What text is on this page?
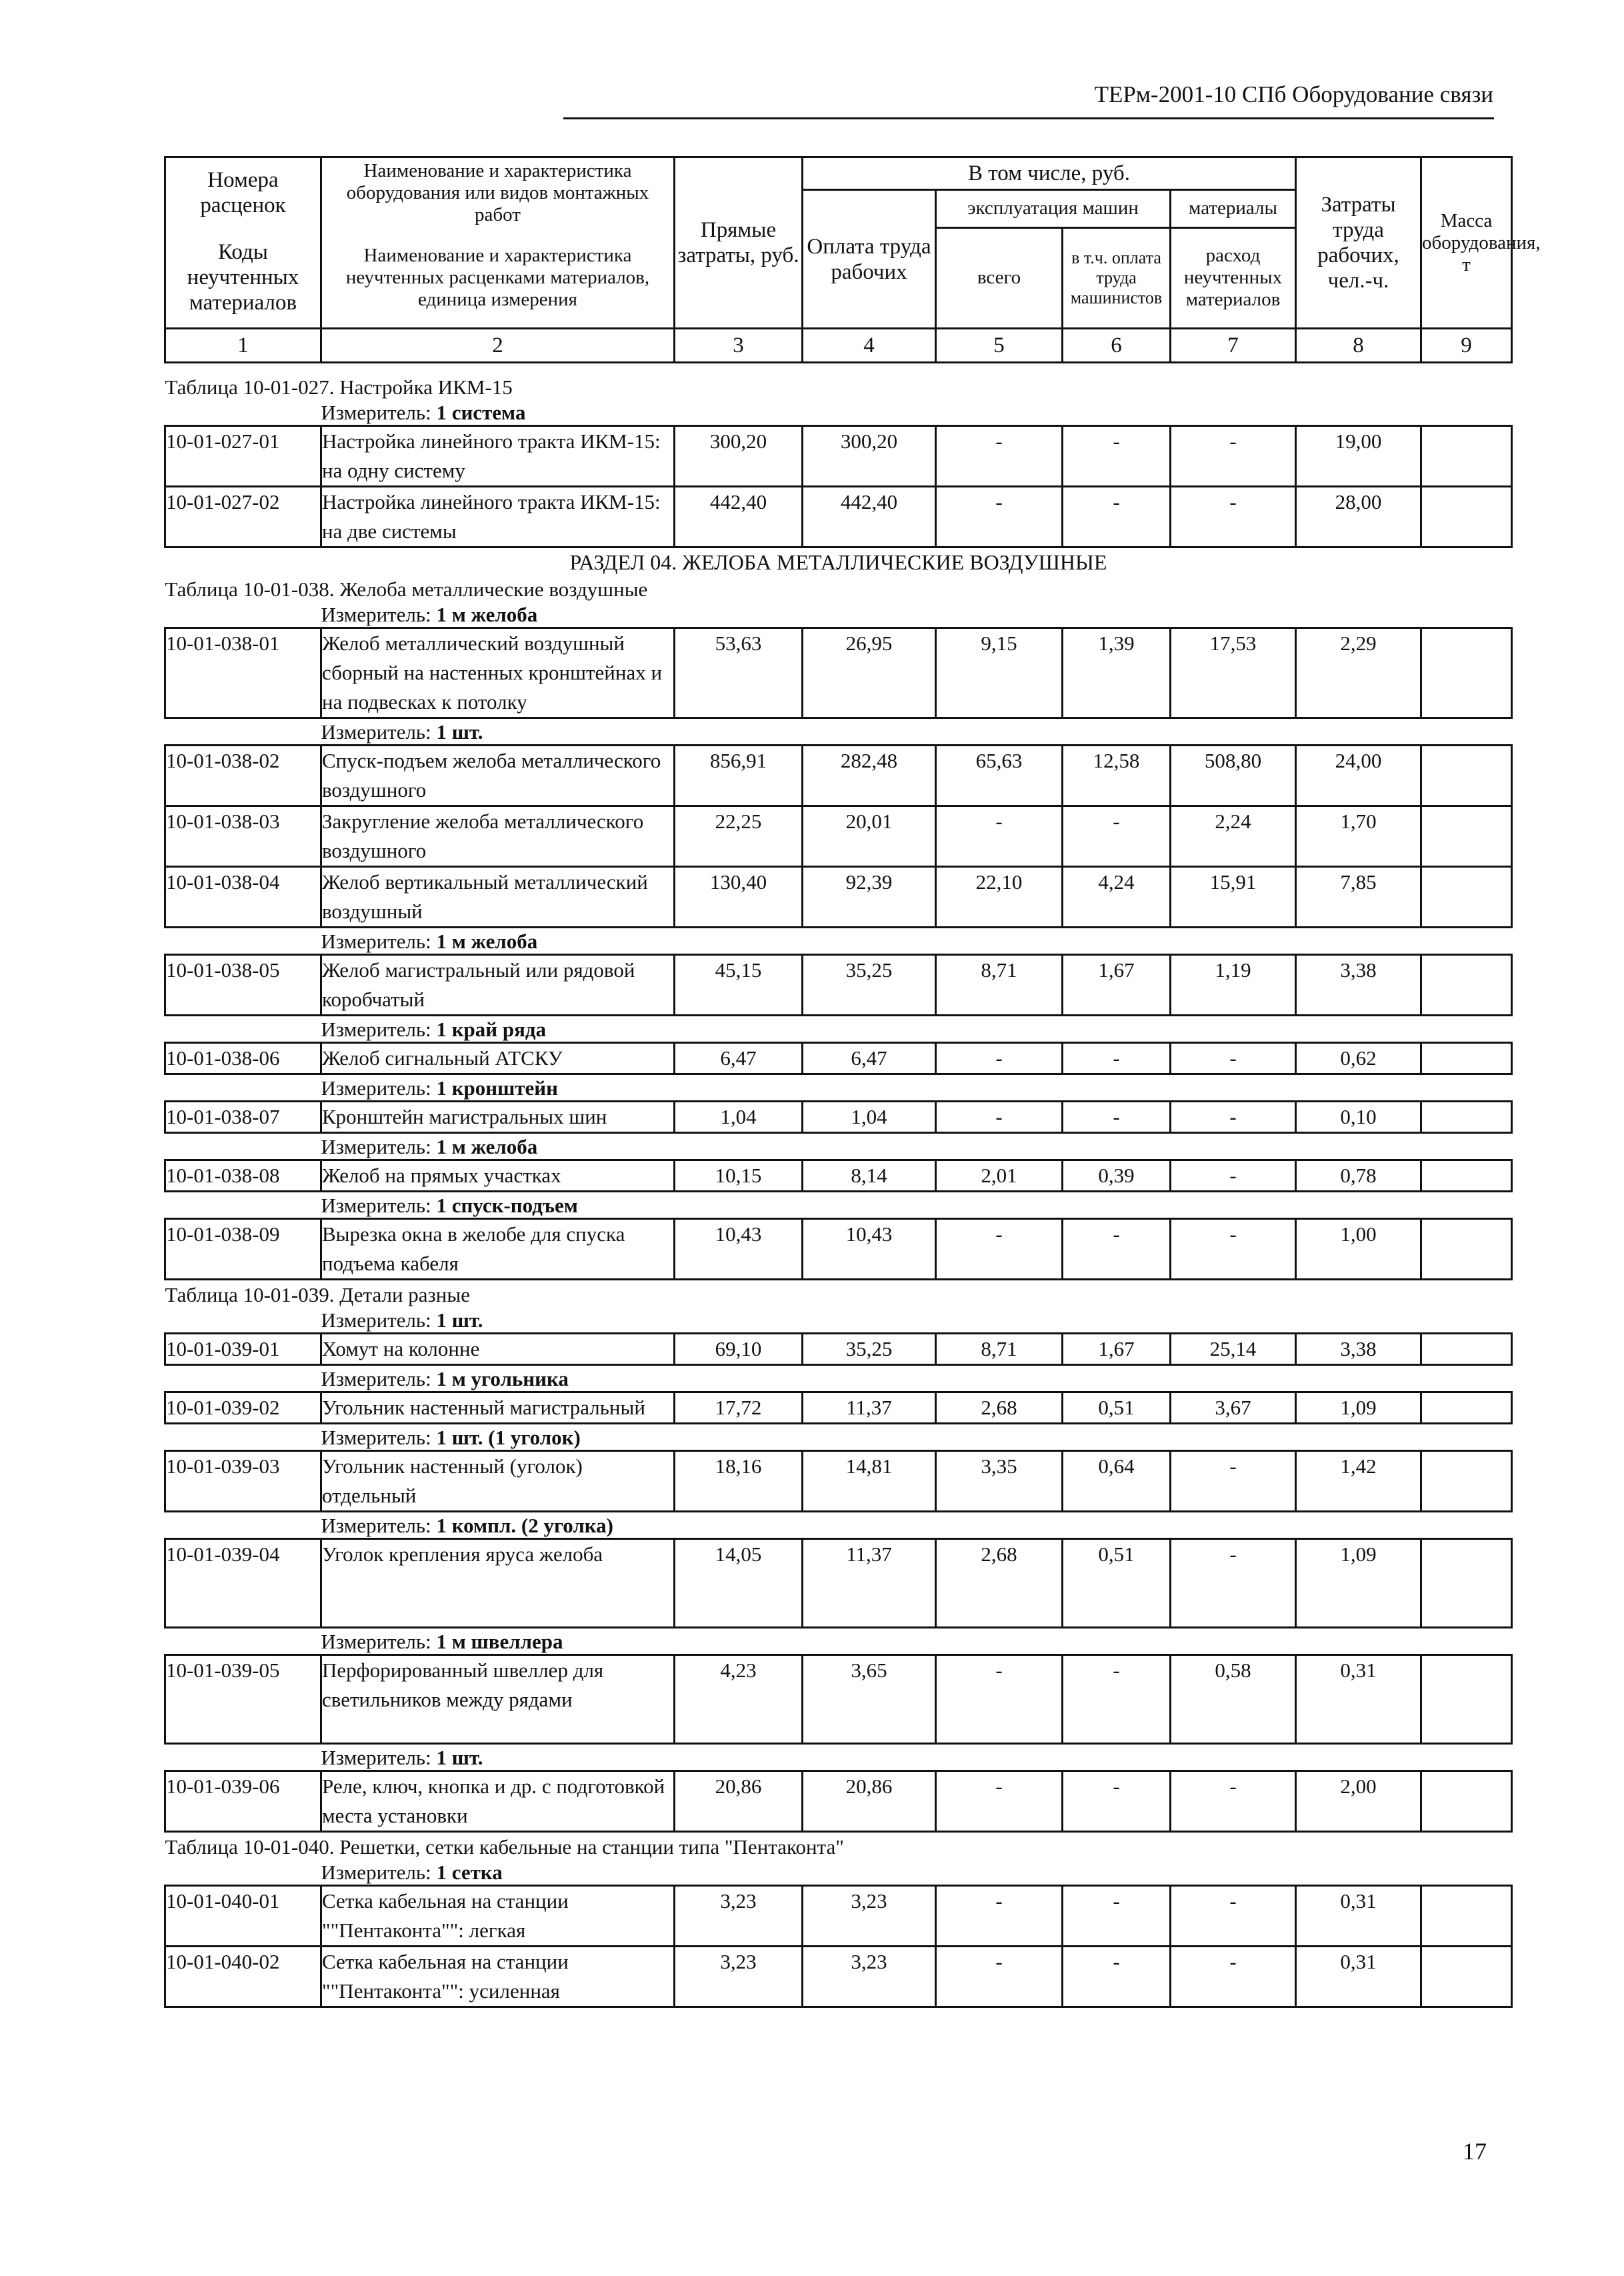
ТЕРм-2001-10 СПб Оборудование связи
Номера расценок	Наименование и характеристика оборудования или видов монтажных работ	Прямые затраты, руб.	В том числе, руб.				Затраты труда рабочих, чел.-ч.	Масса оборудования, т
			Оплата труда рабочих	эксплуатация машин		материалы		
Коды неучтенных материалов	Наименование и характеристика неучтенных расценками материалов, единица измерения			всего	в т.ч. оплата труда машинистов	расход неучтенных материалов		

1	2	3	4	5	6	7	8	9

Таблица 10-01-027. Настройка ИКМ-15								
	Измеритель: 1 система							
10-01-027-01	Настройка линейного тракта ИКМ-15: на одну систему	300,20	300,20	-	-	-	19,00	
10-01-027-02	Настройка линейного тракта ИКМ-15: на две системы	442,40	442,40	-	-	-	28,00	
РАЗДЕЛ 04. ЖЕЛОБА МЕТАЛЛИЧЕСКИЕ ВОЗДУШНЫЕ								
Таблица 10-01-038. Желоба металлические воздушные								
	Измеритель: 1 м желоба							
10-01-038-01	Желоб металлический воздушный сборный на настенных кронштейнах и на подвесках к потолку	53,63	26,95	9,15	1,39	17,53	2,29	
	Измеритель: 1 шт.							
10-01-038-02	Спуск-подъем желоба металлического воздушного	856,91	282,48	65,63	12,58	508,80	24,00	
10-01-038-03	Закругление желоба металлического воздушного	22,25	20,01	-	-	2,24	1,70	
10-01-038-04	Желоб вертикальный металлический воздушный	130,40	92,39	22,10	4,24	15,91	7,85	
	Измеритель: 1 м желоба							
10-01-038-05	Желоб магистральный или рядовой коробчатый	45,15	35,25	8,71	1,67	1,19	3,38	
	Измеритель: 1 край ряда							
10-01-038-06	Желоб сигнальный АТСКУ	6,47	6,47	-	-	-	0,62	
	Измеритель: 1 кронштейн							
10-01-038-07	Кронштейн магистральных шин	1,04	1,04	-	-	-	0,10	
	Измеритель: 1 м желоба							
10-01-038-08	Желоб на прямых участках	10,15	8,14	2,01	0,39	-	0,78	
	Измеритель: 1 спуск-подъем							
10-01-038-09	Вырезка окна в желобе для спуска подъема кабеля	10,43	10,43	-	-	-	1,00	
Таблица 10-01-039. Детали разные								
	Измеритель: 1 шт.							
10-01-039-01	Хомут на колонне	69,10	35,25	8,71	1,67	25,14	3,38	
	Измеритель: 1 м угольника							
10-01-039-02	Угольник настенный магистральный	17,72	11,37	2,68	0,51	3,67	1,09	
	Измеритель: 1 шт. (1 уголок)							
10-01-039-03	Угольник настенный (уголок) отдельный	18,16	14,81	3,35	0,64	-	1,42	
	Измеритель: 1 компл. (2 уголка)							
10-01-039-04	Уголок крепления яруса желоба	14,05	11,37	2,68	0,51	-	1,09	
	Измеритель: 1 м швеллера							
10-01-039-05	Перфорированный швеллер для светильников между рядами	4,23	3,65	-	-	0,58	0,31	
	Измеритель: 1 шт.							
10-01-039-06	Реле, ключ, кнопка и др. с подготовкой места установки	20,86	20,86	-	-	-	2,00	
Таблица 10-01-040. Решетки, сетки кабельные на станции типа "Пентаконта"								
	Измеритель: 1 сетка							
10-01-040-01	Сетка кабельная на станции ""Пентаконта"": легкая	3,23	3,23	-	-	-	0,31	
10-01-040-02	Сетка кабельная на станции ""Пентаконта"": усиленная	3,23	3,23	-	-	-	0,31	
17
